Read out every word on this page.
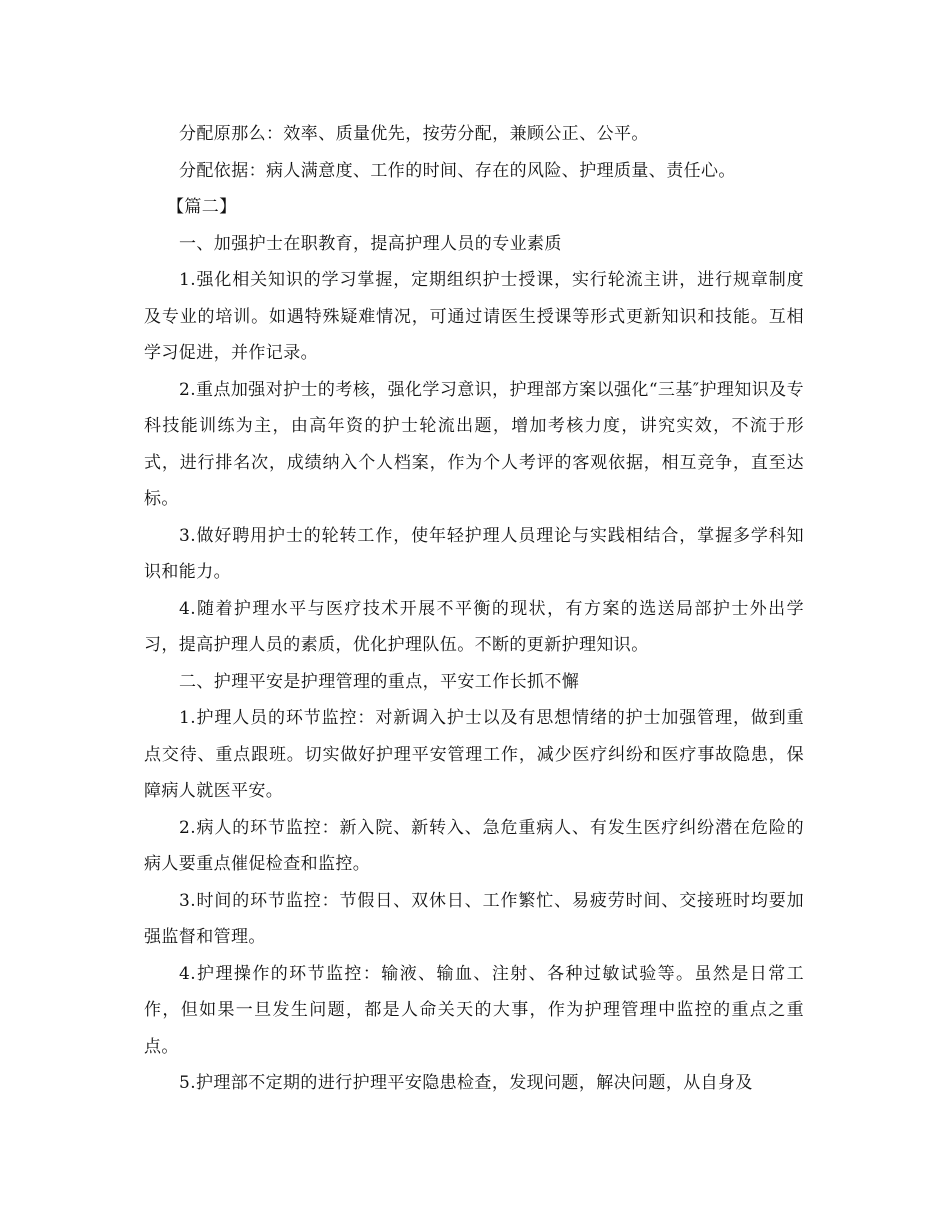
分配原那么：效率、质量优先，按劳分配，兼顾公正、公平。

分配依据：病人满意度、工作的时间、存在的风险、护理质量、责任心。

【篇二】

一、加强护士在职教育，提高护理人员的专业素质

1.强化相关知识的学习掌握，定期组织护士授课，实行轮流主讲，进行规章制度及专业的培训。如遇特殊疑难情况，可通过请医生授课等形式更新知识和技能。互相学习促进，并作记录。

2.重点加强对护士的考核，强化学习意识，护理部方案以强化“三基″护理知识及专科技能训练为主，由高年资的护士轮流出题，增加考核力度，讲究实效，不流于形式，进行排名次，成绩纳入个人档案，作为个人考评的客观依据，相互竞争，直至达标。

3.做好聘用护士的轮转工作，使年轻护理人员理论与实践相结合，掌握多学科知识和能力。

4.随着护理水平与医疗技术开展不平衡的现状，有方案的选送局部护士外出学习，提高护理人员的素质，优化护理队伍。不断的更新护理知识。

二、护理平安是护理管理的重点，平安工作长抓不懈

1.护理人员的环节监控：对新调入护士以及有思想情绪的护士加强管理，做到重点交待、重点跟班。切实做好护理平安管理工作，减少医疗纠纷和医疗事故隐患，保障病人就医平安。

2.病人的环节监控：新入院、新转入、急危重病人、有发生医疗纠纷潜在危险的病人要重点催促检查和监控。

3.时间的环节监控：节假日、双休日、工作繁忙、易疲劳时间、交接班时均要加强监督和管理。

4.护理操作的环节监控：输液、输血、注射、各种过敏试验等。虽然是日常工作，但如果一旦发生问题，都是人命关天的大事，作为护理管理中监控的重点之重点。

5.护理部不定期的进行护理平安隐患检查，发现问题，解决问题，从自身及
